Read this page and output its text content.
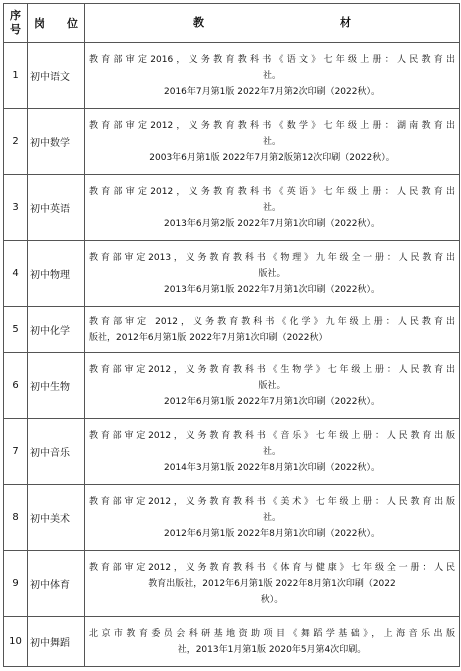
序
号	岗 位	教 材

1	初中语文	教育部审定2016，义务教育教科书《语文》七年级上册：人民教育出
社。
2016年7月第1版 2022年7月第2次印刷（2022秋）。

2	初中数学	教育部审定2012，义务教育教科书《数学》七年级上册：湖南教育出
社。
2003年6月第1版 2022年7月第2版第12次印刷（2022秋）。

3	初中英语	教育部审定2012，义务教育教科书《英语》七年级上册：人民教育出
社。
2013年6月第2版 2022年7月第1次印刷（2022秋）。

4	初中物理	教育部审定2013，义务教育教科书《物理》九年级全一册：人民教育出
版社。
2013年6月第1版 2022年7月第1次印刷（2022秋）。

5	初中化学	教育部审定 2012，义务教育教科书《化学》九年级上册：人民教育出
版社，2012年6月第1版 2022年7月第1次印刷（2022秋）

6	初中生物	教育部审定2012，义务教育教科书《生物学》七年级上册：人民教育出
版社。
2012年6月第1版 2022年7月第1次印刷（2022秋）。

7	初中音乐	教育部审定2012，义务教育教科书《音乐》七年级上册：人民教育出版
社。
2014年3月第1版 2022年8月第1次印刷（2022秋）。

8	初中美术	教育部审定2012，义务教育教科书《美术》七年级上册：人民教育出版
社。
2012年6月第1版 2022年8月第1次印刷（2022秋）。

9	初中体育	教育部审定2012，义务教育教科书《体育与健康》七年级全一册：人民
教育出版社，2012年6月第1版 2022年8月第1次印刷（2022
秋）。

10	初中舞蹈	北京市教育委员会科研基地资助项目《舞蹈学基础》，上海音乐出版
社，2013年1月第1版 2020年5月第4次印刷。
